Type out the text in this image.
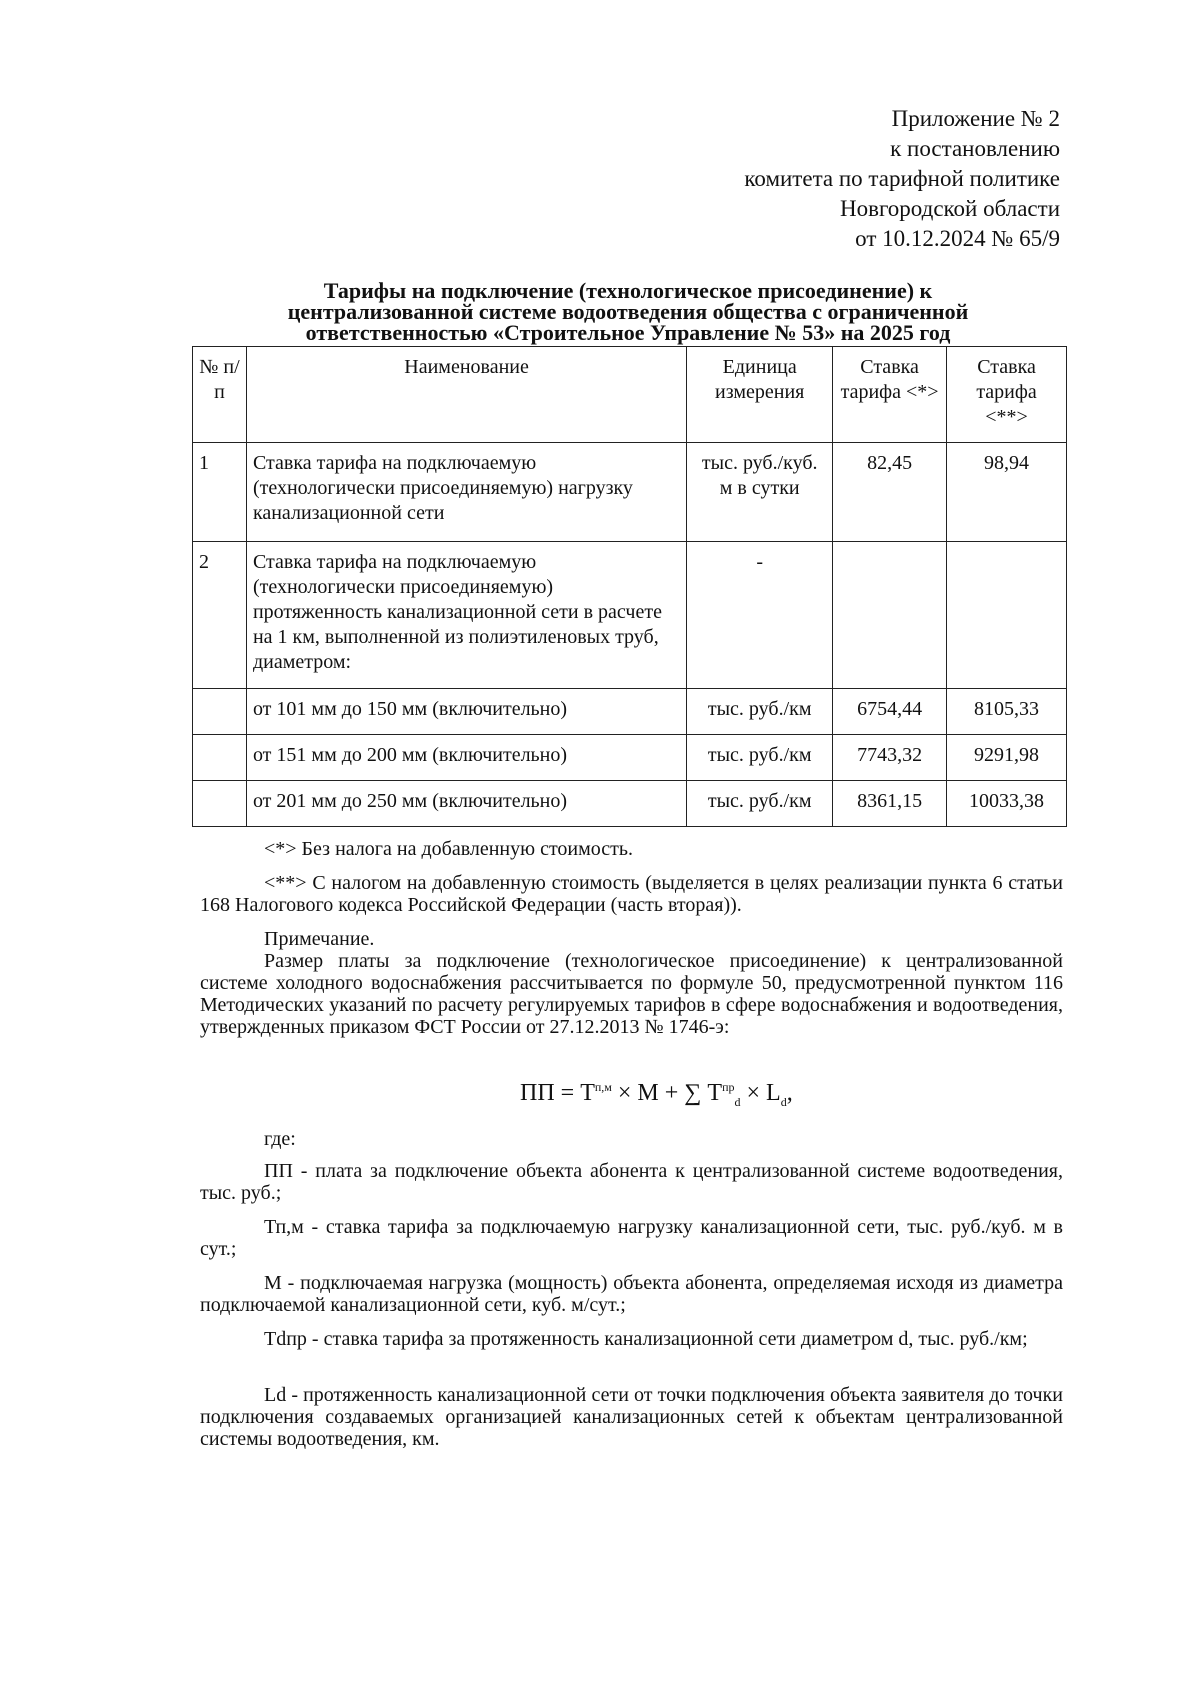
Приложение № 2
к постановлению
комитета по тарифной политике
Новгородской области
от 10.12.2024 № 65/9
Тарифы на подключение (технологическое присоединение) к
централизованной системе водоотведения общества с ограниченной
ответственностью «Строительное Управление № 53» на 2025 год
№ п/п	Наименование	Единица измерения	Ставка тарифа <*>	Ставка тарифа <**>
1	Ставка тарифа на подключаемую (технологически присоединяемую) нагрузку канализационной сети	тыс. руб./куб. м в сутки	82,45	98,94
2	Ставка тарифа на подключаемую (технологически присоединяемую) протяженность канализационной сети в расчете на 1 км, выполненной из полиэтиленовых труб, диаметром:	-		
	от 101 мм до 150 мм (включительно)	тыс. руб./км	6754,44	8105,33
	от 151 мм до 200 мм (включительно)	тыс. руб./км	7743,32	9291,98
	от 201 мм до 250 мм (включительно)	тыс. руб./км	8361,15	10033,38
<*> Без налога на добавленную стоимость.
<**> С налогом на добавленную стоимость (выделяется в целях реализации пункта 6 статьи 168 Налогового кодекса Российской Федерации (часть вторая)).
Примечание.
Размер платы за подключение (технологическое присоединение) к централизованной системе холодного водоснабжения рассчитывается по формуле 50, предусмотренной пунктом 116 Методических указаний по расчету регулируемых тарифов в сфере водоснабжения и водоотведения, утвержденных приказом ФСТ России от 27.12.2013 № 1746-э:
ПП = $Т^{п,м} \times М$ + ∑ $Т^{пр}_d \times L_d$,
где:
ПП - плата за подключение объекта абонента к централизованной системе водоотведения, тыс. руб.;
Тп,м - ставка тарифа за подключаемую нагрузку канализационной сети, тыс. руб./куб. м в сут.;
М - подключаемая нагрузка (мощность) объекта абонента, определяемая исходя из диаметра подключаемой канализационной сети, куб. м/сут.;
Тdпр - ставка тарифа за протяженность канализационной сети диаметром d, тыс. руб./км;
Ld - протяженность канализационной сети от точки подключения объекта заявителя до точки подключения создаваемых организацией канализационных сетей к объектам централизованной системы водоотведения, км.
